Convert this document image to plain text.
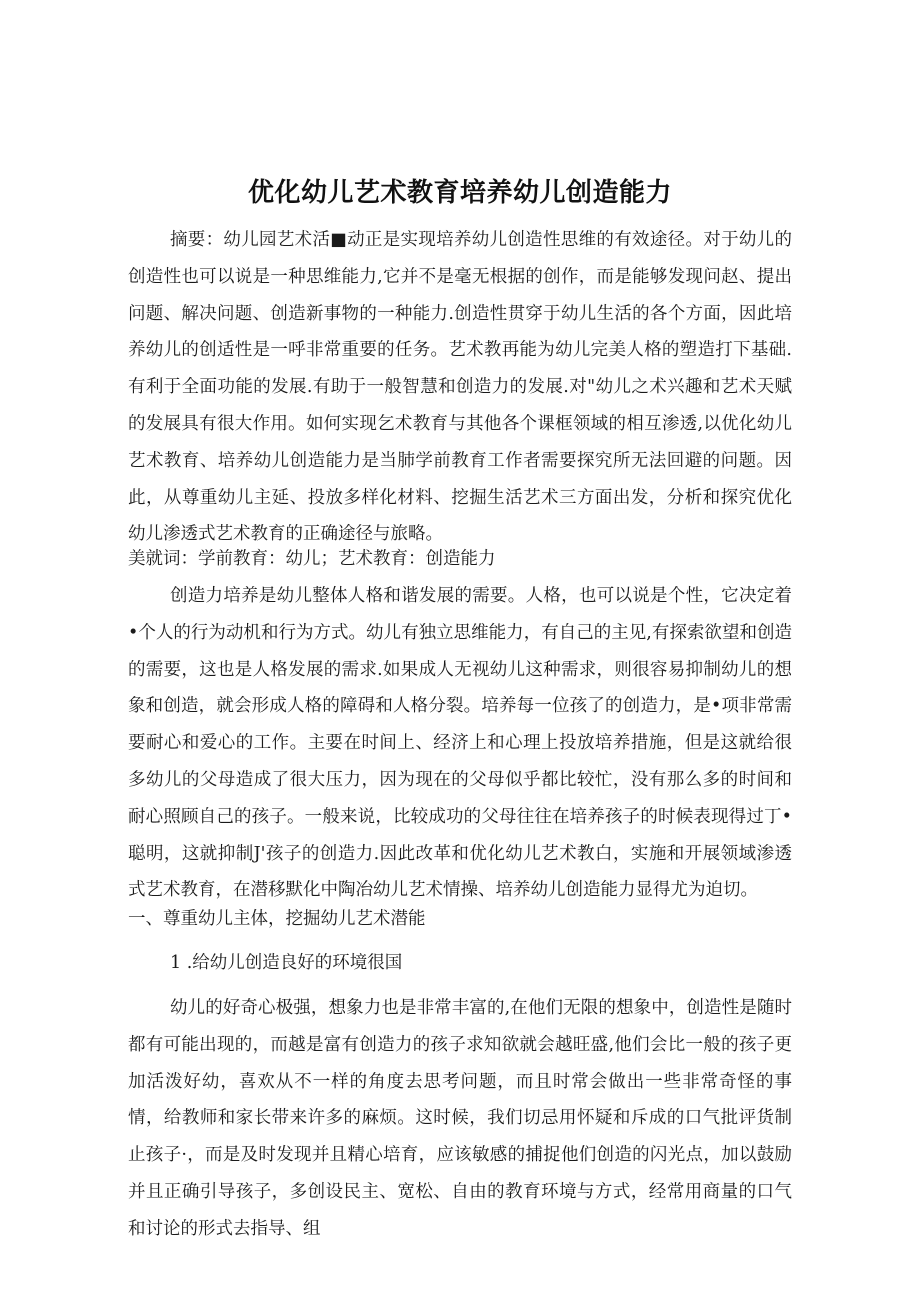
优化幼儿艺术教育培养幼儿创造能力

摘要：幼儿园艺术活■动正是实现培养幼儿创造性思维的有效途径。对于幼儿的创造性也可以说是一种思维能力,它并不是毫无根据的创作，而是能够发现问赵、提出问题、解决问题、创造新事物的一种能力.创造性贯穿于幼儿生活的各个方面，因此培养幼儿的创适性是一呼非常重要的任务。艺术教再能为幼儿完美人格的塑造打下基础.有利于全面功能的发展.有助于一般智慧和创造力的发展.对"幼儿之术兴趣和艺术天赋的发展具有很大作用。如何实现乞术教育与其他各个课框领域的相互渗透,以优化幼儿艺术教育、培养幼儿创造能力是当肺学前教育工作者需要探究所无法回避的问题。因此，从尊重幼儿主延、投放多样化材料、挖掘生活艺术三方面出发，分析和探究优化幼儿渗透式艺术教育的正确途径与旅略。

美就词：学前教育：幼儿；艺术教育：创造能力

创造力培养是幼儿整体人格和谐发展的需要。人格，也可以说是个性，它决定着•个人的行为动机和行为方式。幼儿有独立思维能力，有自己的主见,有探索欲望和创造的需要，这也是人格发展的需求.如果成人无视幼儿这种需求，则很容易抑制幼儿的想象和创造，就会形成人格的障碍和人格分裂。培养每一位孩了的创造力，是•项非常需要耐心和爱心的工作。主要在时间上、经济上和心理上投放培养措施，但是这就给很多幼儿的父母造成了很大压力，因为现在的父母似乎都比较忙，没有那么多的时间和耐心照顾自己的孩子。一般来说，比较成功的父母往往在培养孩子的时候表现得过丁•聪明，这就抑制J'孩子的创造力.因此改革和优化幼儿艺术教白，实施和开展领域渗透式艺术教育，在潜移默化中陶冶幼儿艺术情操、培养幼儿创造能力显得尤为迫切。

一、尊重幼儿主体，挖掘幼儿艺术潜能

1 .给幼儿创造良好的环境很国

幼儿的好奇心极强，想象力也是非常丰富的,在他们无限的想象中，创造性是随时都有可能出现的，而越是富有创造力的孩子求知欲就会越旺盛,他们会比一般的孩子更加活泼好幼，喜欢从不一样的角度去思考问题，而且时常会做出一些非常奇怪的事情，给教师和家长带来许多的麻烦。这时候，我们切忌用怀疑和斥成的口气批评货制止孩子·，而是及时发现并且精心培育，应该敏感的捕捉他们创造的闪光点，加以鼓励并且正确引导孩子，多创设民主、宽松、自由的教育环境与方式，经常用商量的口气和讨论的形式去指导、组
